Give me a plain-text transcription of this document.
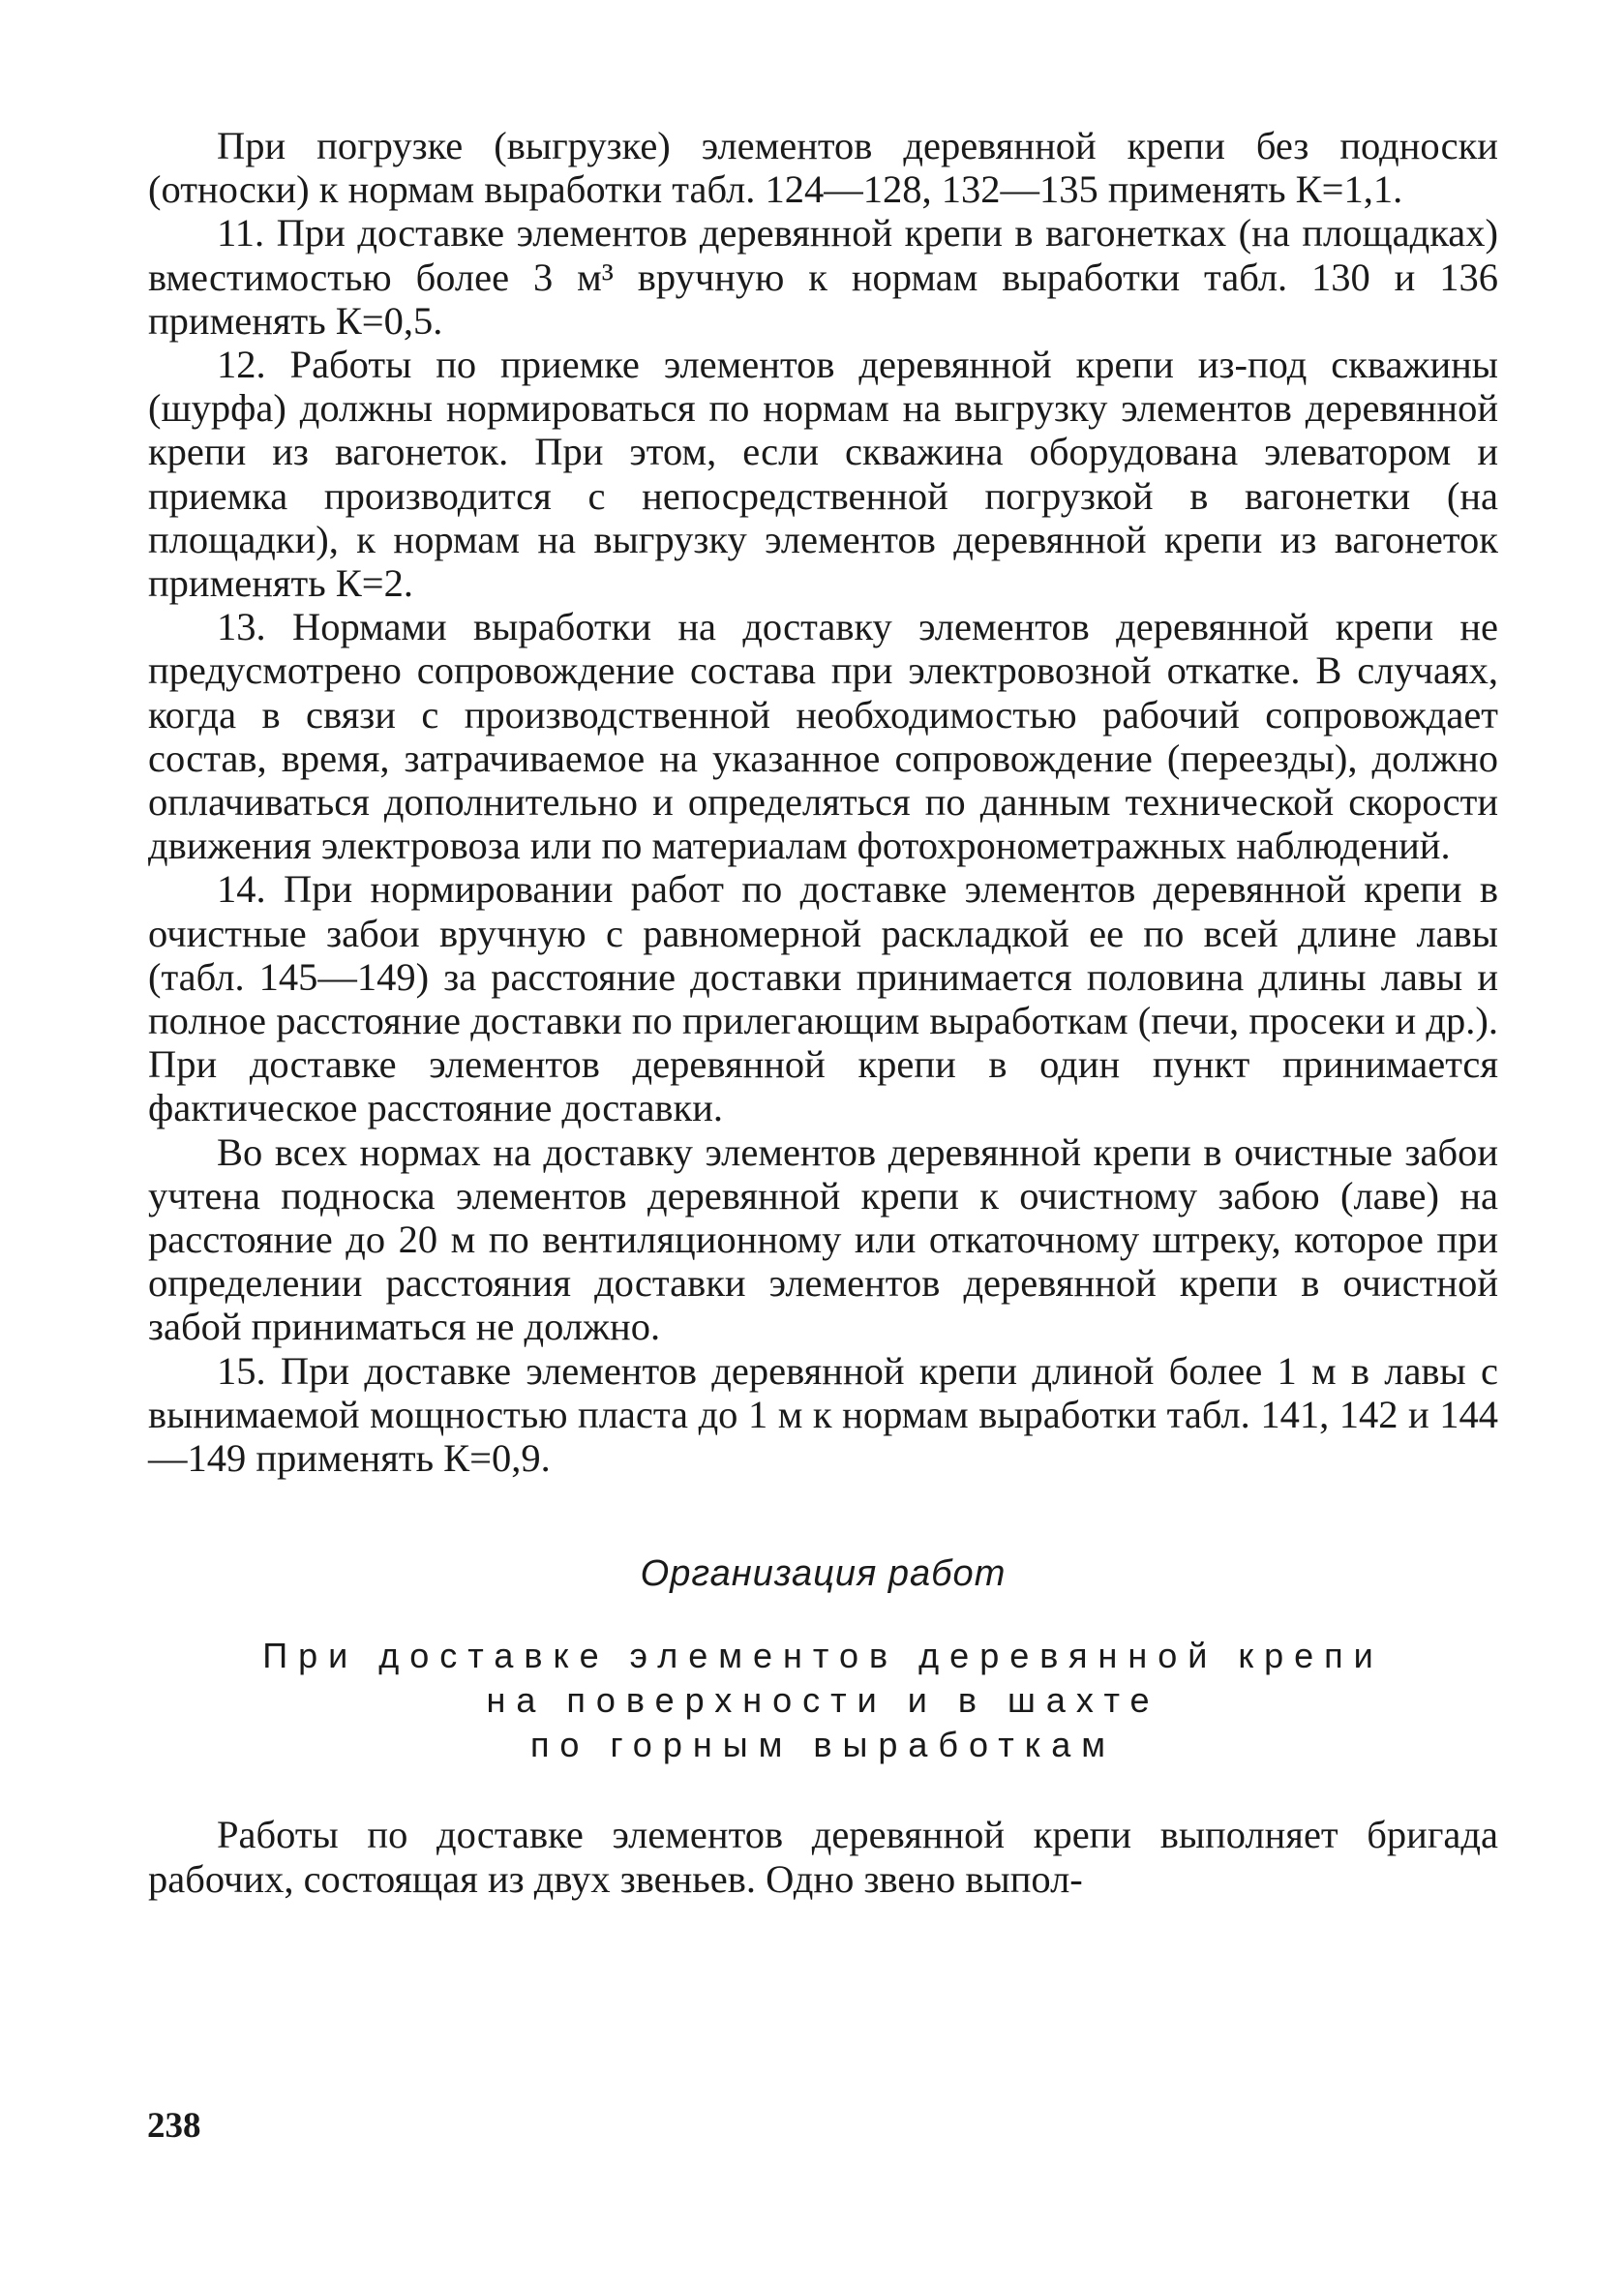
При погрузке (выгрузке) элементов деревянной крепи без подноски (относки) к нормам выработки табл. 124—128, 132—135 применять К=1,1.

11. При доставке элементов деревянной крепи в вагонетках (на площадках) вместимостью более 3 м³ вручную к нормам выработки табл. 130 и 136 применять К=0,5.

12. Работы по приемке элементов деревянной крепи из-под скважины (шурфа) должны нормироваться по нормам на выгрузку элементов деревянной крепи из вагонеток. При этом, если скважина оборудована элеватором и приемка производится с непосредственной погрузкой в вагонетки (на площадки), к нормам на выгрузку элементов деревянной крепи из вагонеток применять К=2.

13. Нормами выработки на доставку элементов деревянной крепи не предусмотрено сопровождение состава при электровозной откатке. В случаях, когда в связи с производственной необходимостью рабочий сопровождает состав, время, затрачиваемое на указанное сопровождение (переезды), должно оплачиваться дополнительно и определяться по данным технической скорости движения электровоза или по материалам фотохронометражных наблюдений.

14. При нормировании работ по доставке элементов деревянной крепи в очистные забои вручную с равномерной раскладкой ее по всей длине лавы (табл. 145—149) за расстояние доставки принимается половина длины лавы и полное расстояние доставки по прилегающим выработкам (печи, просеки и др.). При доставке элементов деревянной крепи в один пункт принимается фактическое расстояние доставки.

Во всех нормах на доставку элементов деревянной крепи в очистные забои учтена подноска элементов деревянной крепи к очистному забою (лаве) на расстояние до 20 м по вентиляционному или откаточному штреку, которое при определении расстояния доставки элементов деревянной крепи в очистной забой приниматься не должно.

15. При доставке элементов деревянной крепи длиной более 1 м в лавы с вынимаемой мощностью пласта до 1 м к нормам выработки табл. 141, 142 и 144—149 применять К=0,9.

Организация работ
При доставке элементов деревянной крепи
на поверхности и в шахте
по горным выработкам

Работы по доставке элементов деревянной крепи выполняет бригада рабочих, состоящая из двух звеньев. Одно звено выпол-

238
